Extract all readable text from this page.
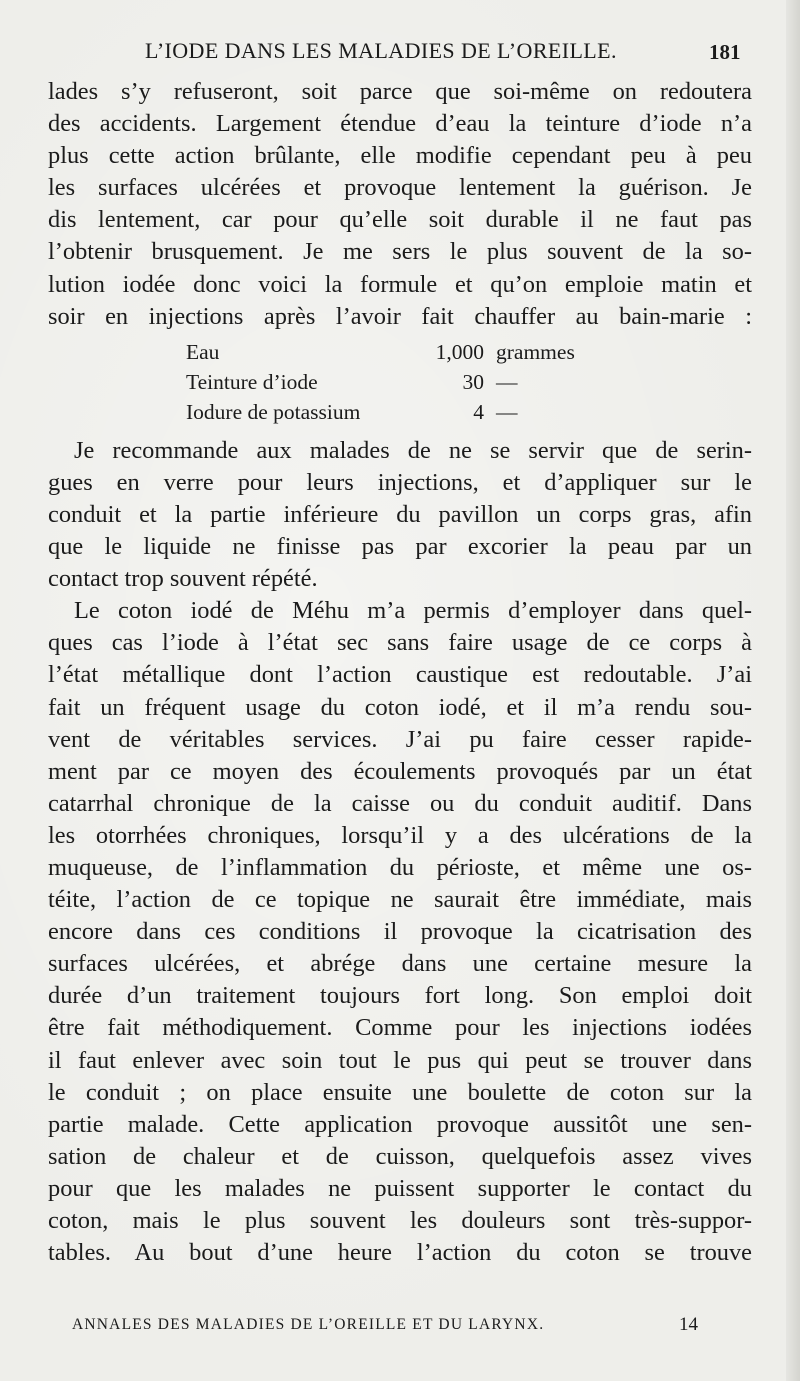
L’IODE DANS LES MALADIES DE L’OREILLE.	181
lades s’y refuseront, soit parce que soi-même on redoutera
des accidents. Largement étendue d’eau la teinture d’iode n’a
plus cette action brûlante, elle modifie cependant peu à peu
les surfaces ulcérées et provoque lentement la guérison. Je
dis lentement, car pour qu’elle soit durable il ne faut pas
l’obtenir brusquement. Je me sers le plus souvent de la so-
lution iodée donc voici la formule et qu’on emploie matin et
soir en injections après l’avoir fait chauffer au bain-marie :
Eau	1,000 grammes
Teinture d’iode	30 —
Iodure de potassium	4 —
Je recommande aux malades de ne se servir que de serin-
gues en verre pour leurs injections, et d’appliquer sur le
conduit et la partie inférieure du pavillon un corps gras, afin
que le liquide ne finisse pas par excorier la peau par un
contact trop souvent répété.
Le coton iodé de Méhu m’a permis d’employer dans quel-
ques cas l’iode à l’état sec sans faire usage de ce corps à
l’état métallique dont l’action caustique est redoutable. J’ai
fait un fréquent usage du coton iodé, et il m’a rendu sou-
vent de véritables services. J’ai pu faire cesser rapide-
ment par ce moyen des écoulements provoqués par un état
catarrhal chronique de la caisse ou du conduit auditif. Dans
les otorrhées chroniques, lorsqu’il y a des ulcérations de la
muqueuse, de l’inflammation du périoste, et même une os-
téite, l’action de ce topique ne saurait être immédiate, mais
encore dans ces conditions il provoque la cicatrisation des
surfaces ulcérées, et abrége dans une certaine mesure la
durée d’un traitement toujours fort long. Son emploi doit
être fait méthodiquement. Comme pour les injections iodées
il faut enlever avec soin tout le pus qui peut se trouver dans
le conduit ; on place ensuite une boulette de coton sur la
partie malade. Cette application provoque aussitôt une sen-
sation de chaleur et de cuisson, quelquefois assez vives
pour que les malades ne puissent supporter le contact du
coton, mais le plus souvent les douleurs sont très-suppor-
tables. Au bout d’une heure l’action du coton se trouve
ANNALES DES MALADIES DE L’OREILLE ET DU LARYNX.	14
